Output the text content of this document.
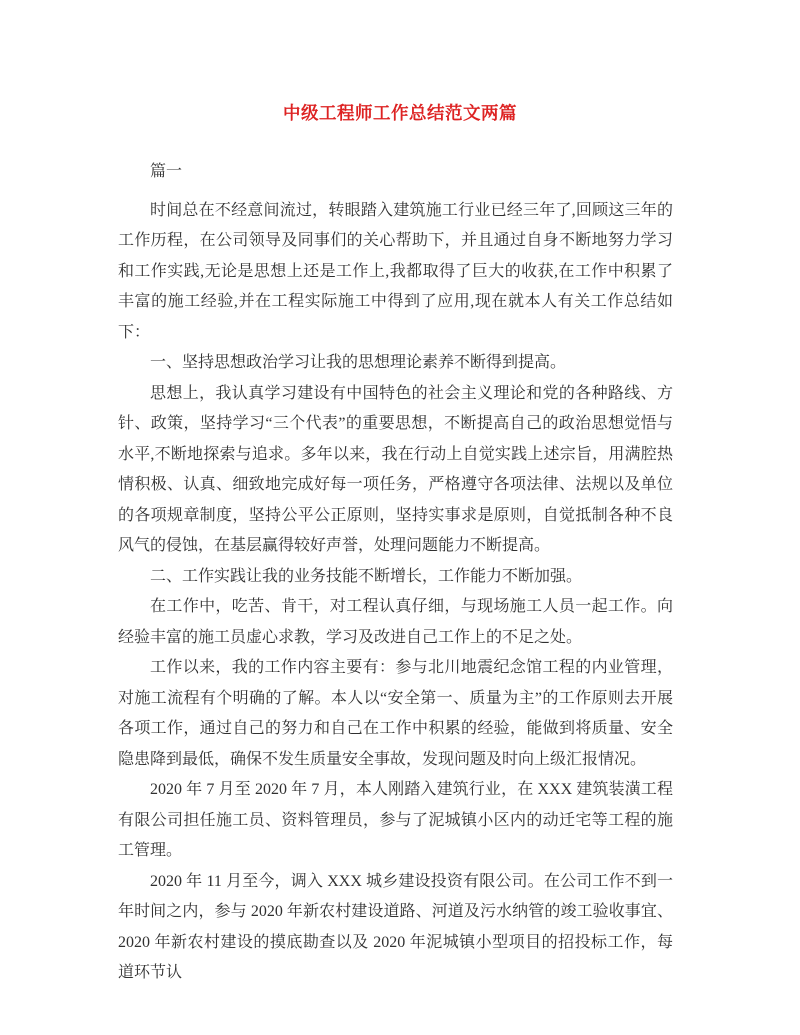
中级工程师工作总结范文两篇

篇一

时间总在不经意间流过，转眼踏入建筑施工行业已经三年了,回顾这三年的工作历程，在公司领导及同事们的关心帮助下，并且通过自身不断地努力学习和工作实践,无论是思想上还是工作上,我都取得了巨大的收获,在工作中积累了丰富的施工经验,并在工程实际施工中得到了应用,现在就本人有关工作总结如下：

一、坚持思想政治学习让我的思想理论素养不断得到提高。

思想上，我认真学习建设有中国特色的社会主义理论和党的各种路线、方针、政策，坚持学习“三个代表”的重要思想，不断提高自己的政治思想觉悟与水平,不断地探索与追求。多年以来，我在行动上自觉实践上述宗旨，用满腔热情积极、认真、细致地完成好每一项任务，严格遵守各项法律、法规以及单位的各项规章制度，坚持公平公正原则，坚持实事求是原则，自觉抵制各种不良风气的侵蚀，在基层赢得较好声誉，处理问题能力不断提高。

二、工作实践让我的业务技能不断增长，工作能力不断加强。

在工作中，吃苦、肯干，对工程认真仔细，与现场施工人员一起工作。向经验丰富的施工员虚心求教，学习及改进自己工作上的不足之处。

工作以来，我的工作内容主要有：参与北川地震纪念馆工程的内业管理，对施工流程有个明确的了解。本人以“安全第一、质量为主”的工作原则去开展各项工作，通过自己的努力和自己在工作中积累的经验，能做到将质量、安全隐患降到最低，确保不发生质量安全事故，发现问题及时向上级汇报情况。

2020 年 7 月至 2020 年 7 月，本人刚踏入建筑行业，在 XXX 建筑装潢工程有限公司担任施工员、资料管理员，参与了泥城镇小区内的动迁宅等工程的施工管理。

2020 年 11 月至今，调入 XXX 城乡建设投资有限公司。在公司工作不到一年时间之内，参与 2020 年新农村建设道路、河道及污水纳管的竣工验收事宜、2020 年新农村建设的摸底勘查以及 2020 年泥城镇小型项目的招投标工作，每道环节认
